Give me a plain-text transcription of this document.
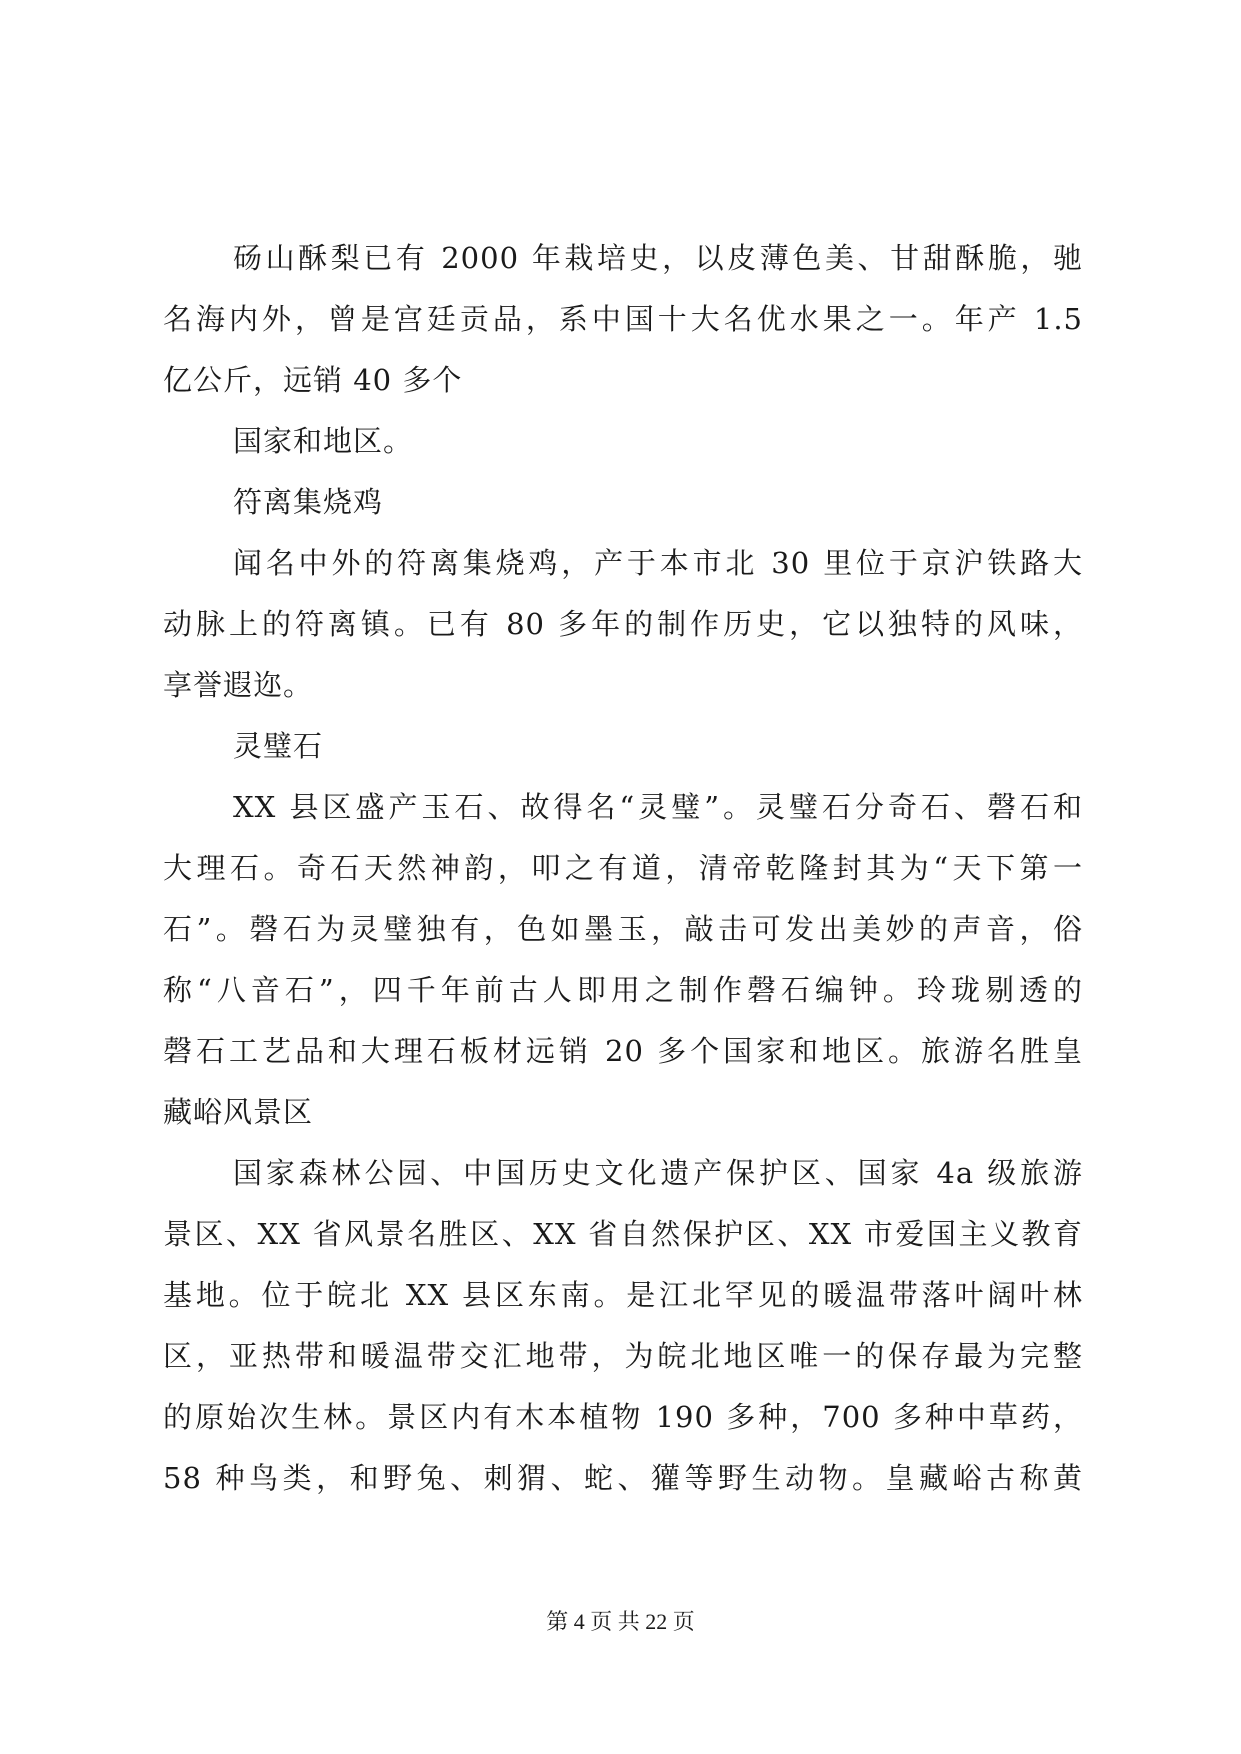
砀山酥梨已有 2000 年栽培史，以皮薄色美、甘甜酥脆，驰
名海内外，曾是宫廷贡品，系中国十大名优水果之一。年产 1.5
亿公斤，远销 40 多个
国家和地区。
符离集烧鸡
闻名中外的符离集烧鸡，产于本市北 30 里位于京沪铁路大
动脉上的符离镇。已有 80 多年的制作历史，它以独特的风味，
享誉遐迩。
灵璧石
XX 县区盛产玉石、故得名“灵璧”。灵璧石分奇石、磬石和
大理石。奇石天然神韵，叩之有道，清帝乾隆封其为“天下第一
石”。磬石为灵璧独有，色如墨玉，敲击可发出美妙的声音，俗
称“八音石”，四千年前古人即用之制作磬石编钟。玲珑剔透的
磬石工艺品和大理石板材远销 20 多个国家和地区。旅游名胜皇
藏峪风景区
国家森林公园、中国历史文化遗产保护区、国家 4a 级旅游
景区、XX 省风景名胜区、XX 省自然保护区、XX 市爱国主义教育
基地。位于皖北 XX 县区东南。是江北罕见的暖温带落叶阔叶林
区，亚热带和暖温带交汇地带，为皖北地区唯一的保存最为完整
的原始次生林。景区内有木本植物 190 多种，700 多种中草药，
58 种鸟类，和野兔、刺猬、蛇、獾等野生动物。皇藏峪古称黄
第 4 页 共 22 页
